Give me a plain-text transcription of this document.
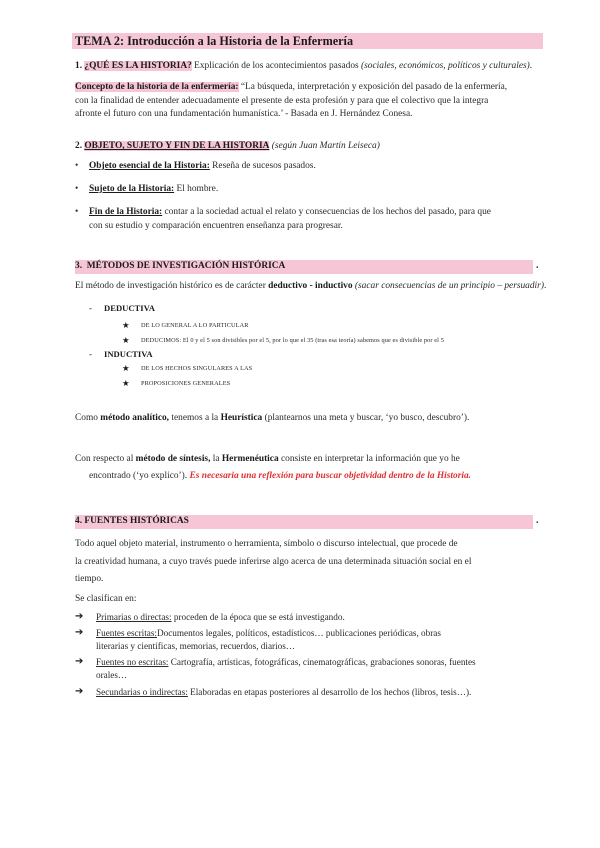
TEMA 2: Introducción a la Historia de la Enfermería
1. ¿QUÉ ES LA HISTORIA? Explicación de los acontecimientos pasados (sociales, económicos, políticos y culturales).
Concepto de la historia de la enfermería: “La búsqueda, interpretación y exposición del pasado de la enfermería,
con la finalidad de entender adecuadamente el presente de esta profesión y para que el colectivo que la integra
afronte el futuro con una fundamentación humanística.’ - Basada en J. Hernández Conesa.
2. OBJETO, SUJETO Y FIN DE LA HISTORIA (según Juan Martín Leiseca)
• Objeto esencial de la Historia: Reseña de sucesos pasados.
• Sujeto de la Historia: El hombre.
• Fin de la Historia: contar a la sociedad actual el relato y consecuencias de los hechos del pasado, para que
con su estudio y comparación encuentren enseñanza para progresar.
3. MÉTODOS DE INVESTIGACIÓN HISTÓRICA	.
El método de investigación histórico es de carácter deductivo - inductivo (sacar consecuencias de un principio – persuadir).
- DEDUCTIVA
★ DE LO GENERAL A LO PARTICULAR
★ DEDUCIMOS: El 0 y el 5 son divisibles por el 5, por lo que el 35 (tras esa teoría) sabemos que es divisible por el 5
- INDUCTIVA
★ DE LOS HECHOS SINGULARES A LAS
★ PROPOSICIONES GENERALES
Como método analítico, tenemos a la Heurística (plantearnos una meta y buscar, ‘yo busco, descubro’).
Con respecto al método de síntesis, la Hermenéutica consiste en interpretar la información que yo he
encontrado (‘yo explico’). Es necesaria una reflexión para buscar objetividad dentro de la Historia.
4. FUENTES HISTÓRICAS	.
Todo aquel objeto material, instrumento o herramienta, símbolo o discurso intelectual, que procede de
la creatividad humana, a cuyo través puede inferirse algo acerca de una determinada situación social en el
tiempo.
Se clasifican en:
➔ Primarias o directas: proceden de la época que se está investigando.
➔ Fuentes escritas:Documentos legales, políticos, estadísticos… publicaciones periódicas, obras
literarias y científicas, memorias, recuerdos, diarios…
➔ Fuentes no escritas: Cartografía, artísticas, fotográficas, cinematográficas, grabaciones sonoras, fuentes
orales…
➔ Secundarias o indirectas: Elaboradas en etapas posteriores al desarrollo de los hechos (libros, tesis…).
